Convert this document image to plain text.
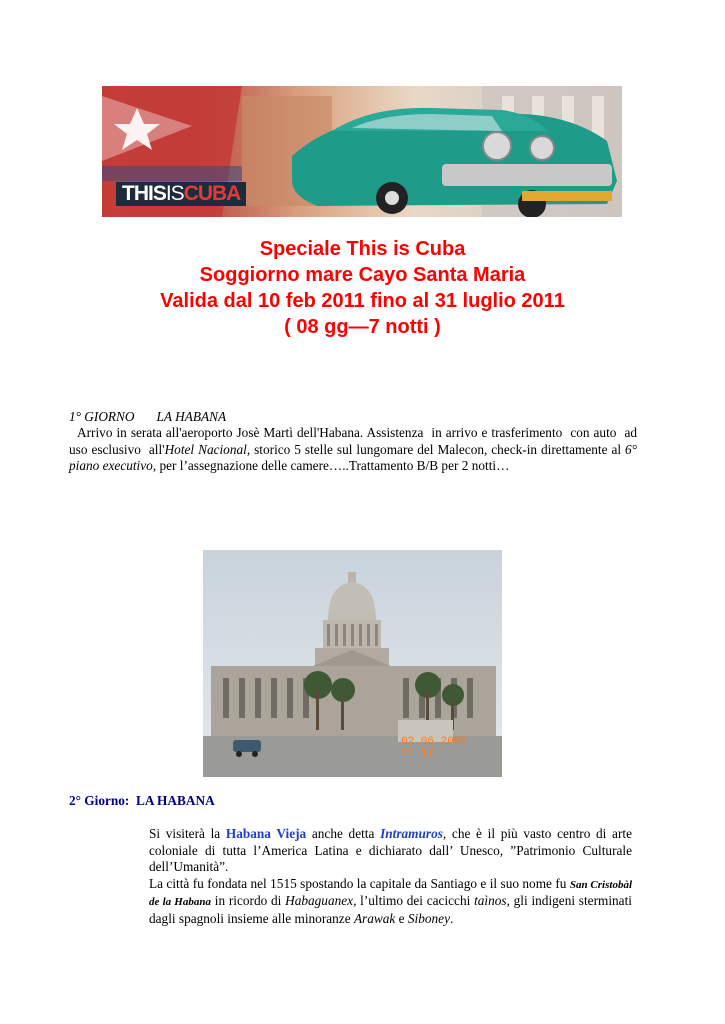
THISISCUBA
Speciale This is Cuba
Soggiorno mare Cayo Santa Maria
Valida dal 10 feb 2011 fino al 31 luglio 2011
( 08 gg—7 notti )
1° GIORNO LA HABANA
Arrivo in serata all'aeroporto Josè Martì dell'Habana. Assistenza  in arrivo e trasferimento  con auto  ad uso esclusivo  all'Hotel Nacional, storico 5 stelle sul lungomare del Malecon, check-in direttamente al 6° piano executivo, per l’assegnazione delle camere…..Trattamento B/B per 2 notti…
02.06.2005 21:17
2° Giorno:  LA HABANA
Si visiterà la Habana Vieja anche detta Intramuros, che è il più vasto centro di arte coloniale di tutta l’America Latina e dichiarato dall’ Unesco, ”Patrimonio Culturale dell’Umanità”.
La città fu fondata nel 1515 spostando la capitale da Santiago e il suo nome fu San Cristobàl de la Habana in ricordo di Habaguanex, l’ultimo dei cacicchi taìnos, gli indigeni sterminati dagli spagnoli insieme alle minoranze Arawak e Siboney.
